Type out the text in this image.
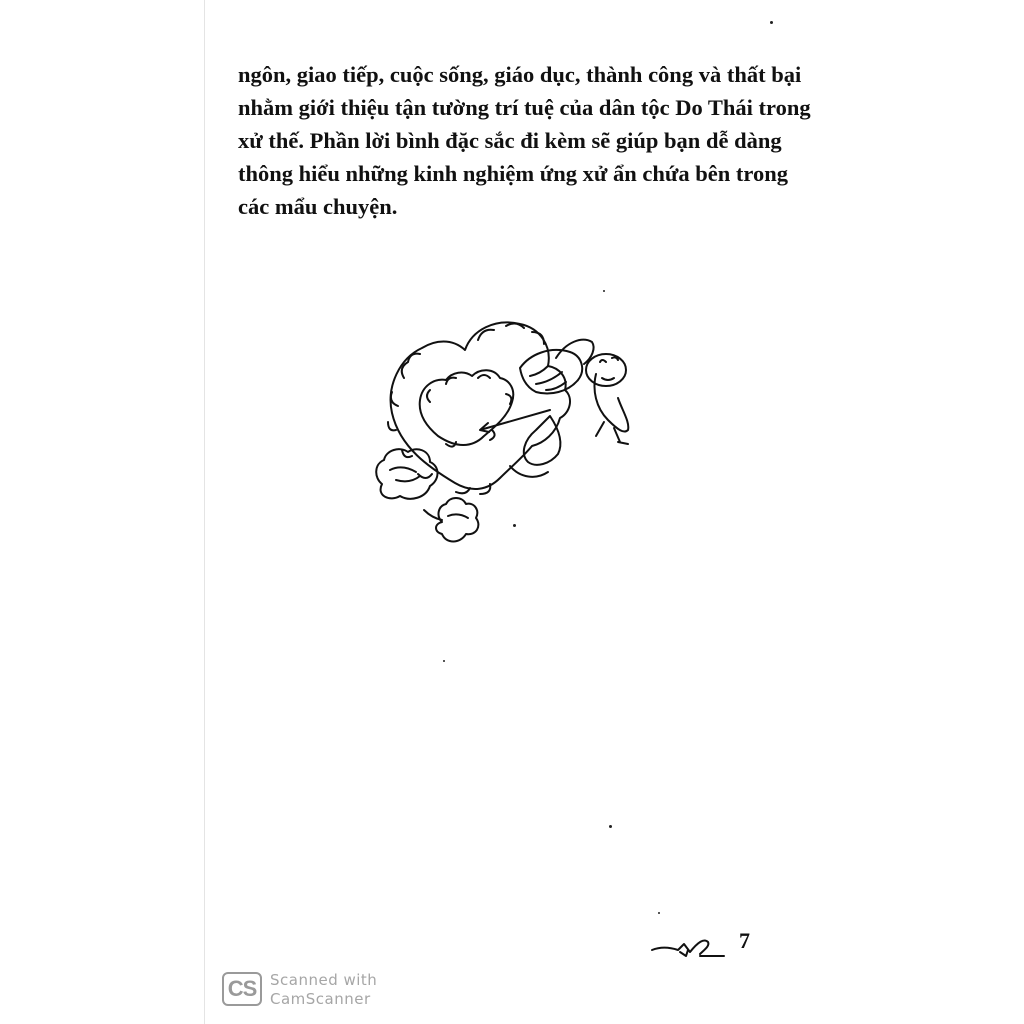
ngôn, giao tiếp, cuộc sống, giáo dục, thành công và thất bại
nhằm giới thiệu tận tường trí tuệ của dân tộc Do Thái trong
xử thế. Phần lời bình đặc sắc đi kèm sẽ giúp bạn dễ dàng
thông hiểu những kinh nghiệm ứng xử ẩn chứa bên trong
các mẩu chuyện.
7
CS Scanned with
CamScanner
